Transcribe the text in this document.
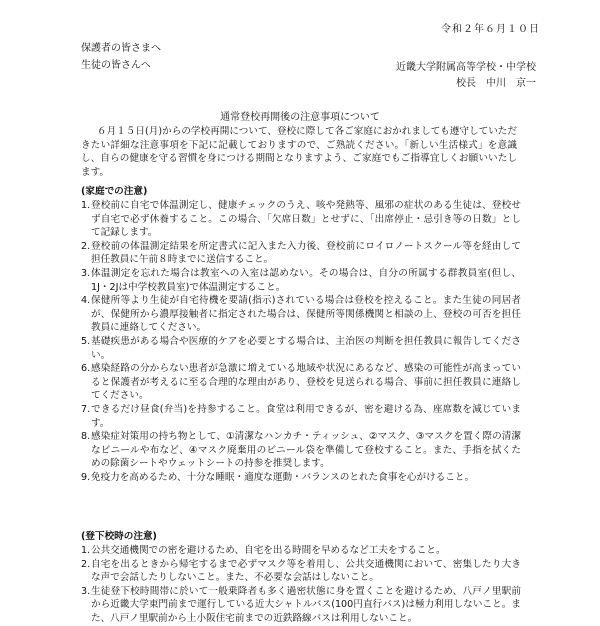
令和２年６月１０日
保護者の皆さまへ
生徒の皆さんへ	近畿大学附属高等学校・中学校
校長　中川　京一
通常登校再開後の注意事項について
６月１５日(月)からの学校再開について、登校に際して各ご家庭におかれましても遵守していただきたい詳細な注意事項を下記に記載しておりますので、ご熟読ください。「新しい生活様式」を意識し、自らの健康を守る習慣を身につける期間となりますよう、ご家庭でもご指導宜しくお願いいたします。
(家庭での注意)
1. 登校前に自宅で体温測定し、健康チェックのうえ、咳や発熱等、風邪の症状のある生徒は、登校せず自宅で必ず休養すること。この場合、「欠席日数」とせずに、「出席停止・忌引き等の日数」として記録します。
2. 登校前の体温測定結果を所定書式に記入また入力後、登校前にロイロノートスクール等を経由して担任教員に午前８時までに送信すること。
3. 体温測定を忘れた場合は教室への入室は認めない。その場合は、自分の所属する群教員室(但し、1J・2Jは中学校教員室)で体温測定すること。
4. 保健所等より生徒が自宅待機を要請(指示)されている場合は登校を控えること。また生徒の同居者が、保健所から濃厚接触者に指定された場合は、保健所等関係機関と相談の上、登校の可否を担任教員に連絡してください。
5. 基礎疾患がある場合や医療的ケアを必要とする場合は、主治医の判断を担任教員に報告してください。
6. 感染経路の分からない患者が急激に増えている地域や状況にあるなど、感染の可能性が高まっていると保護者が考えるに至る合理的な理由があり、登校を見送られる場合、事前に担任教員に連絡してください。
7. できるだけ昼食(弁当)を持参すること。食堂は利用できるが、密を避ける為、座席数を減じています。
8. 感染症対策用の持ち物として、①清潔なハンカチ・ティッシュ、②マスク、③マスクを置く際の清潔なビニールや布など、④マスク廃棄用のビニール袋を準備して登校すること。また、手指を拭くための除菌シートやウェットシートの持参を推奨します。
9. 免疫力を高めるため、十分な睡眠・適度な運動・バランスのとれた食事を心がけること。
(登下校時の注意)
1. 公共交通機関での密を避けるため、自宅を出る時間を早めるなど工夫をすること。
2. 自宅を出るときから帰宅するまで必ずマスク等を着用し、公共交通機関において、密集したり大きな声で会話したりしないこと。また、不必要な会話はしないこと。
3. 生徒登下校時間帯に於いて一般乗降者も多く過密状態に身を置くことを避けるため、八戸ノ里駅前から近畿大学東門前まで運行している近大シャトルバス(100円直行バス)は極力利用しないこと。また、八戸ノ里駅前から上小阪住宅前までの近鉄路線バスは利用しないこと。
